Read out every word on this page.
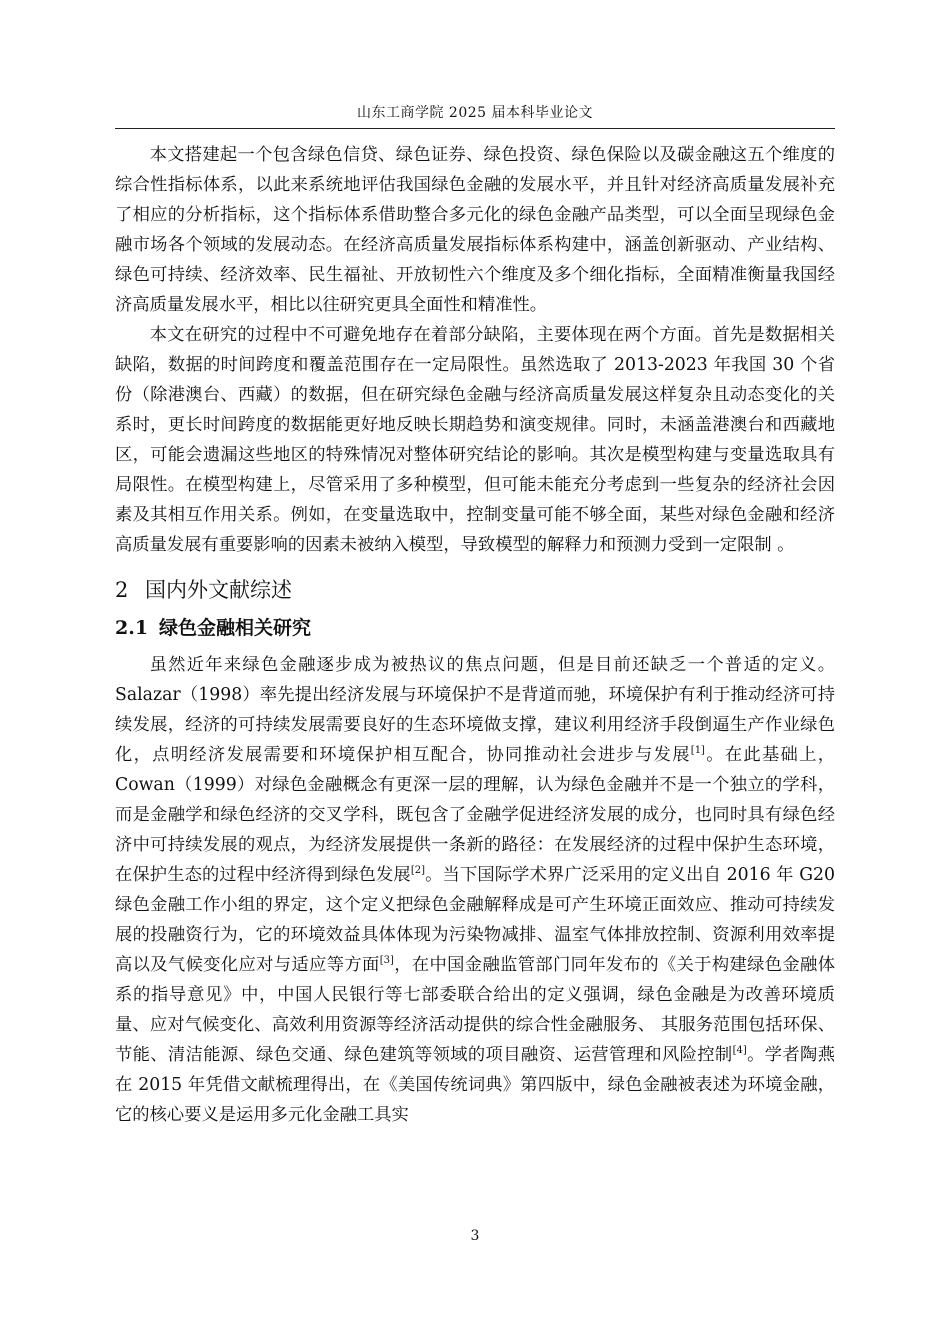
山东工商学院 2025 届本科毕业论文

本文搭建起一个包含绿色信贷、绿色证券、绿色投资、绿色保险以及碳金融这五个维度的综合性指标体系，以此来系统地评估我国绿色金融的发展水平，并且针对经济高质量发展补充了相应的分析指标，这个指标体系借助整合多元化的绿色金融产品类型，可以全面呈现绿色金融市场各个领域的发展动态。在经济高质量发展指标体系构建中，涵盖创新驱动、产业结构、绿色可持续、经济效率、民生福祉、开放韧性六个维度及多个细化指标，全面精准衡量我国经济高质量发展水平，相比以往研究更具全面性和精准性。

本文在研究的过程中不可避免地存在着部分缺陷，主要体现在两个方面。首先是数据相关缺陷，数据的时间跨度和覆盖范围存在一定局限性。虽然选取了 2013-2023 年我国 30 个省份（除港澳台、西藏）的数据，但在研究绿色金融与经济高质量发展这样复杂且动态变化的关系时，更长时间跨度的数据能更好地反映长期趋势和演变规律。同时，未涵盖港澳台和西藏地区，可能会遗漏这些地区的特殊情况对整体研究结论的影响。其次是模型构建与变量选取具有局限性。在模型构建上，尽管采用了多种模型，但可能未能充分考虑到一些复杂的经济社会因素及其相互作用关系。例如，在变量选取中，控制变量可能不够全面，某些对绿色金融和经济高质量发展有重要影响的因素未被纳入模型，导致模型的解释力和预测力受到一定限制 。

2 国内外文献综述
2.1 绿色金融相关研究

虽然近年来绿色金融逐步成为被热议的焦点问题，但是目前还缺乏一个普适的定义。Salazar（1998）率先提出经济发展与环境保护不是背道而驰，环境保护有利于推动经济可持续发展，经济的可持续发展需要良好的生态环境做支撑，建议利用经济手段倒逼生产作业绿色化，点明经济发展需要和环境保护相互配合，协同推动社会进步与发展[1]。在此基础上，Cowan（1999）对绿色金融概念有更深一层的理解，认为绿色金融并不是一个独立的学科，而是金融学和绿色经济的交叉学科，既包含了金融学促进经济发展的成分，也同时具有绿色经济中可持续发展的观点，为经济发展提供一条新的路径：在发展经济的过程中保护生态环境，在保护生态的过程中经济得到绿色发展[2]。当下国际学术界广泛采用的定义出自 2016 年 G20 绿色金融工作小组的界定，这个定义把绿色金融解释成是可产生环境正面效应、推动可持续发展的投融资行为，它的环境效益具体体现为污染物减排、温室气体排放控制、资源利用效率提高以及气候变化应对与适应等方面[3]，在中国金融监管部门同年发布的《关于构建绿色金融体系的指导意见》中，中国人民银行等七部委联合给出的定义强调，绿色金融是为改善环境质量、应对气候变化、高效利用资源等经济活动提供的综合性金融服务、 其服务范围包括环保、节能、清洁能源、绿色交通、绿色建筑等领域的项目融资、运营管理和风险控制[4]。学者陶燕在 2015 年凭借文献梳理得出，在《美国传统词典》第四版中，绿色金融被表述为环境金融，它的核心要义是运用多元化金融工具实

3
